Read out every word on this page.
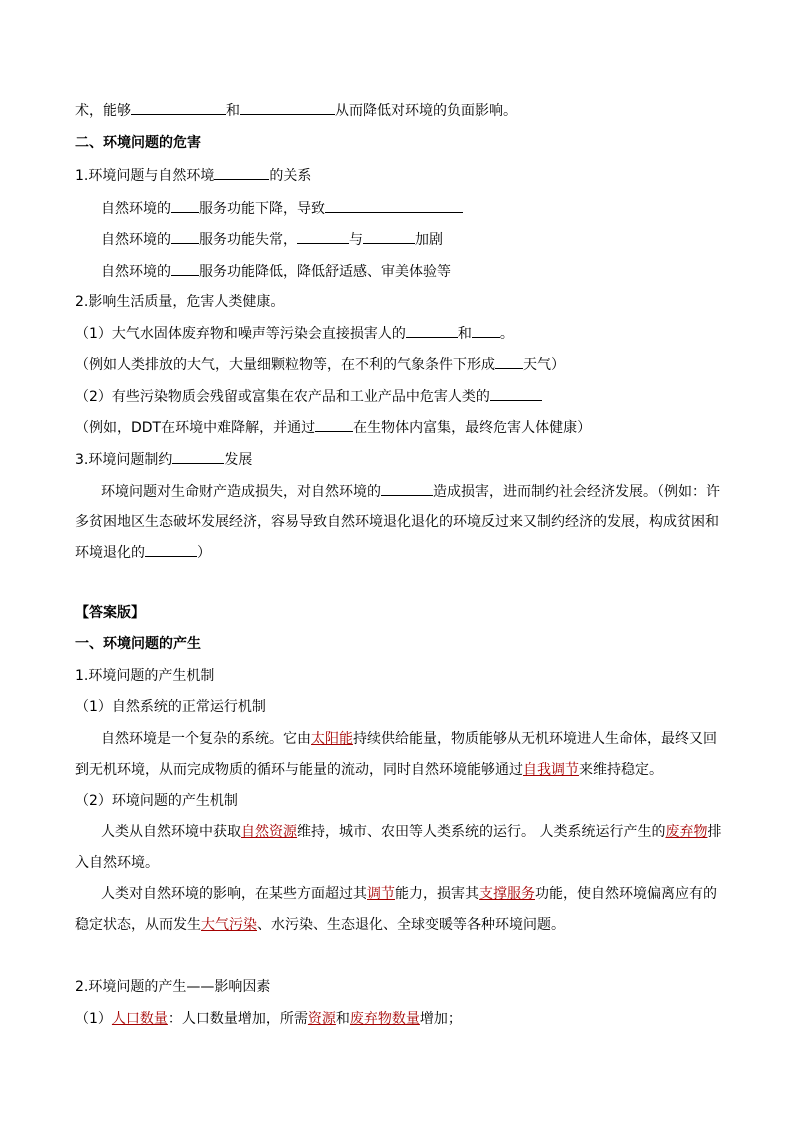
术，能够	和	从而降低对环境的负面影响。
二、环境问题的危害
1.环境问题与自然环境	的关系
自然环境的 服务功能下降，导致
自然环境的 服务功能失常，	与	加剧
自然环境的 服务功能降低，降低舒适感、审美体验等
2.影响生活质量，危害人类健康。
（1）大气水固体废弃物和噪声等污染会直接损害人的	和 。
（例如人类排放的大气，大量细颗粒物等，在不利的气象条件下形成 天气）
（2）有些污染物质会残留或富集在农产品和工业产品中危害人类的
（例如，DDT在环境中难降解，并通过	在生物体内富集，最终危害人体健康）
3.环境问题制约	发展
环境问题对生命财产造成损失，对自然环境的	造成损害，进而制约社会经济发展。（例如：许
多贫困地区生态破坏发展经济，容易导致自然环境退化退化的环境反过来又制约经济的发展，构成贫困和
环境退化的	）
【答案版】
一、环境问题的产生
1.环境问题的产生机制
（1）自然系统的正常运行机制
自然环境是一个复杂的系统。它由太阳能持续供给能量，物质能够从无机环境进人生命体，最终又回
到无机环境，从而完成物质的循环与能量的流动，同时自然环境能够通过自我调节来维持稳定。
（2）环境问题的产生机制
人类从自然环境中获取自然资源维持，城市、农田等人类系统的运行。 人类系统运行产生的废弃物排
入自然环境。
人类对自然环境的影响，在某些方面超过其调节能力，损害其支撑服务功能，使自然环境偏离应有的
稳定状态，从而发生大气污染、水污染、生态退化、全球变暖等各种环境问题。
2.环境问题的产生——影响因素
（1）人口数量：人口数量增加，所需资源和废弃物数量增加；
